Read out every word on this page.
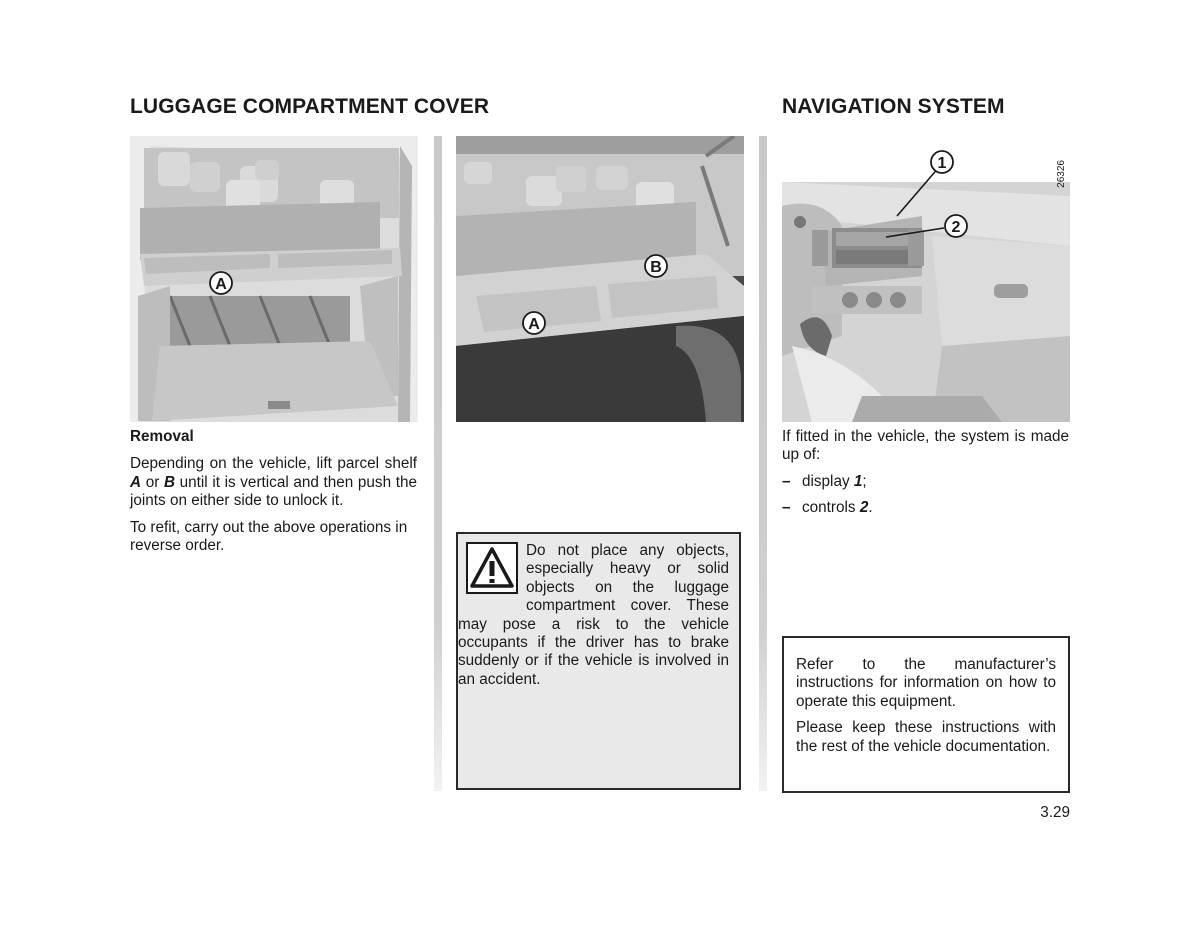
LUGGAGE COMPARTMENT COVER	NAVIGATION SYSTEM
A
B
A
1
2
26326

Removal

Depending on the vehicle, lift parcel shelf A or B until it is vertical and then push the joints on either side to unlock it.

To refit, carry out the above operations in reverse order.	Do not place any objects, especially heavy or solid objects on the luggage compartment cover. These may pose a risk to the vehicle occupants if the driver has to brake suddenly or if the vehicle is involved in an accident.

If fitted in the vehicle, the system is made up of:

– display 1;
– controls 2.

Refer to the manufacturer’s instructions for information on how to operate this equipment.

Please keep these instructions with the rest of the vehicle documentation.

3.29
